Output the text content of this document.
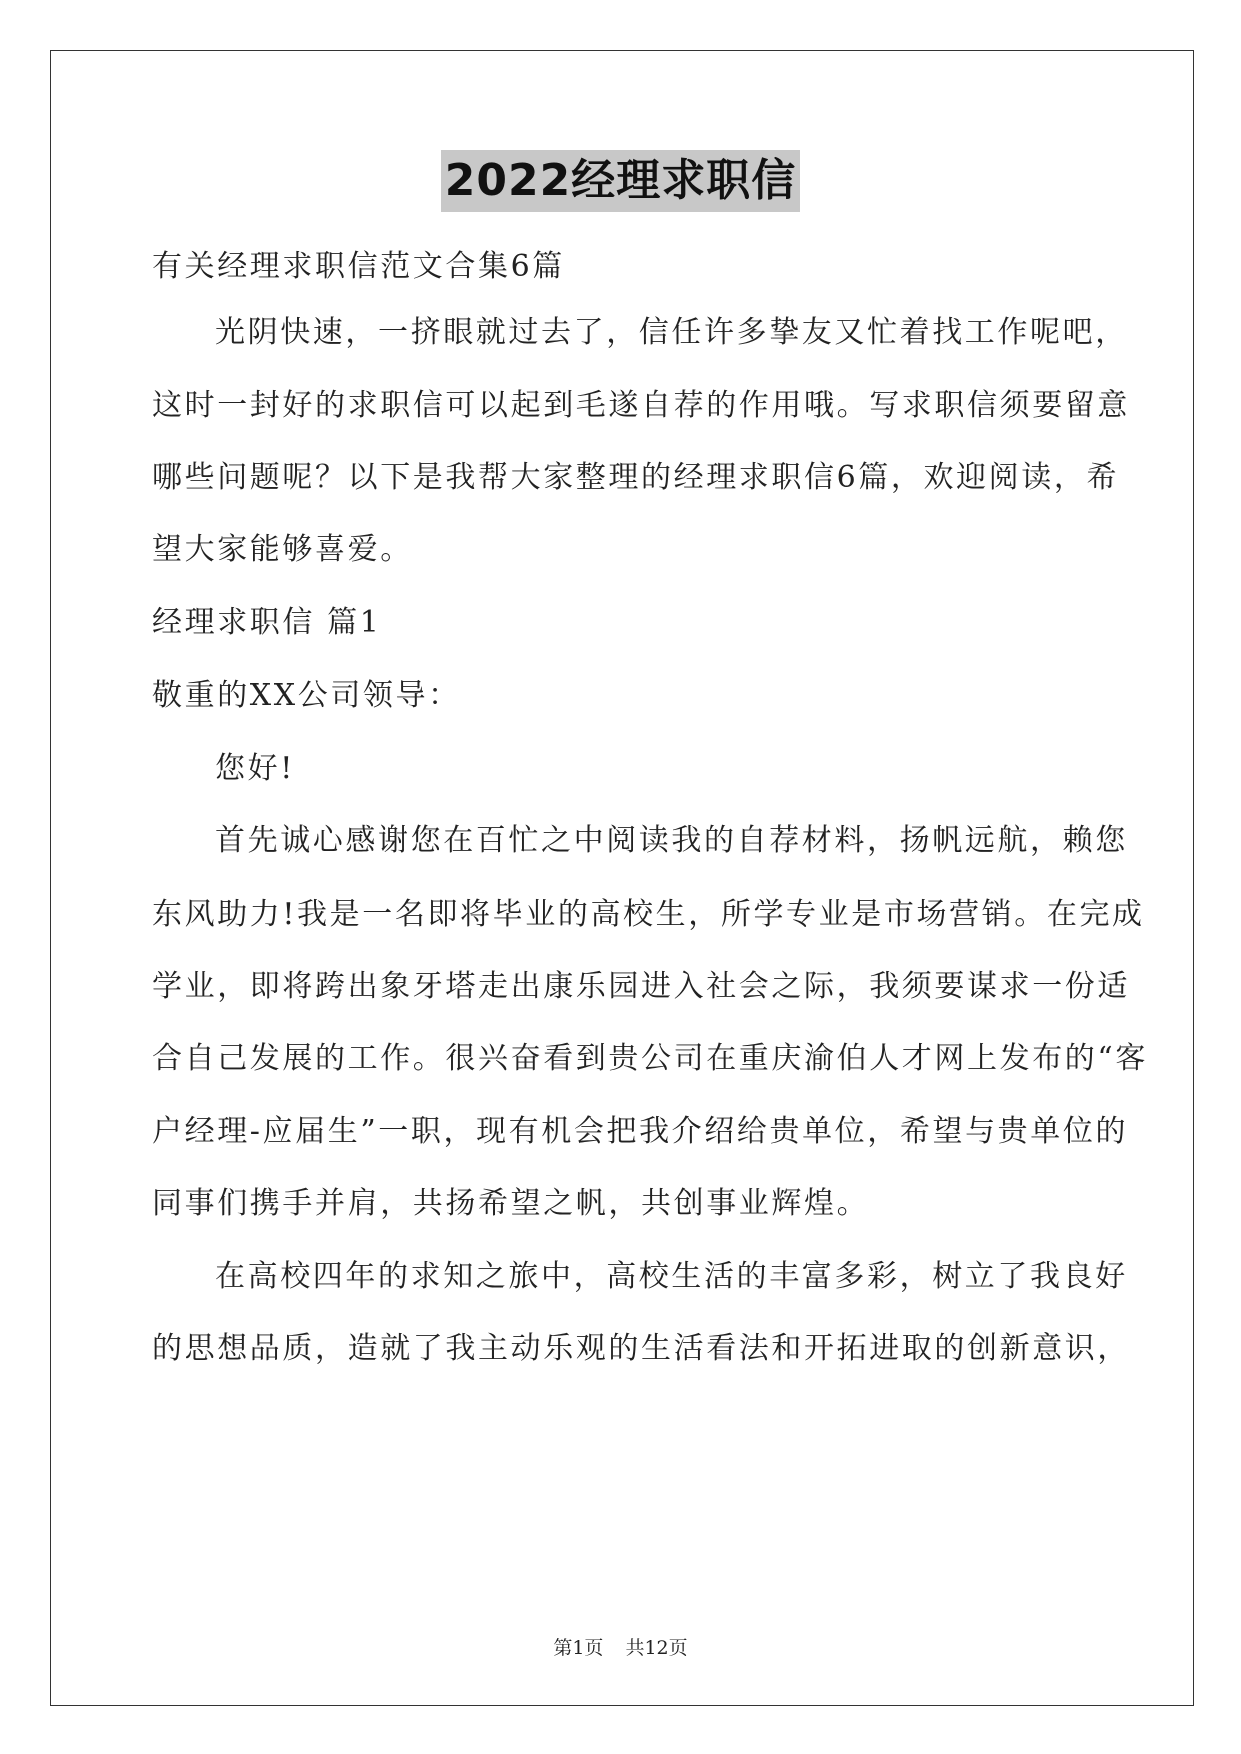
2022经理求职信
有关经理求职信范文合集6篇
光阴快速，一挤眼就过去了，信任许多挚友又忙着找工作呢吧，
这时一封好的求职信可以起到毛遂自荐的作用哦。写求职信须要留意
哪些问题呢？以下是我帮大家整理的经理求职信6篇，欢迎阅读，希
望大家能够喜爱。
经理求职信 篇1
敬重的XX公司领导：
您好!
首先诚心感谢您在百忙之中阅读我的自荐材料，扬帆远航，赖您
东风助力!我是一名即将毕业的高校生，所学专业是市场营销。在完成
学业，即将跨出象牙塔走出康乐园进入社会之际，我须要谋求一份适
合自己发展的工作。很兴奋看到贵公司在重庆渝伯人才网上发布的“客
户经理-应届生”一职，现有机会把我介绍给贵单位，希望与贵单位的
同事们携手并肩，共扬希望之帆，共创事业辉煌。
在高校四年的求知之旅中，高校生活的丰富多彩，树立了我良好
的思想品质，造就了我主动乐观的生活看法和开拓进取的创新意识，
第1页 共12页
